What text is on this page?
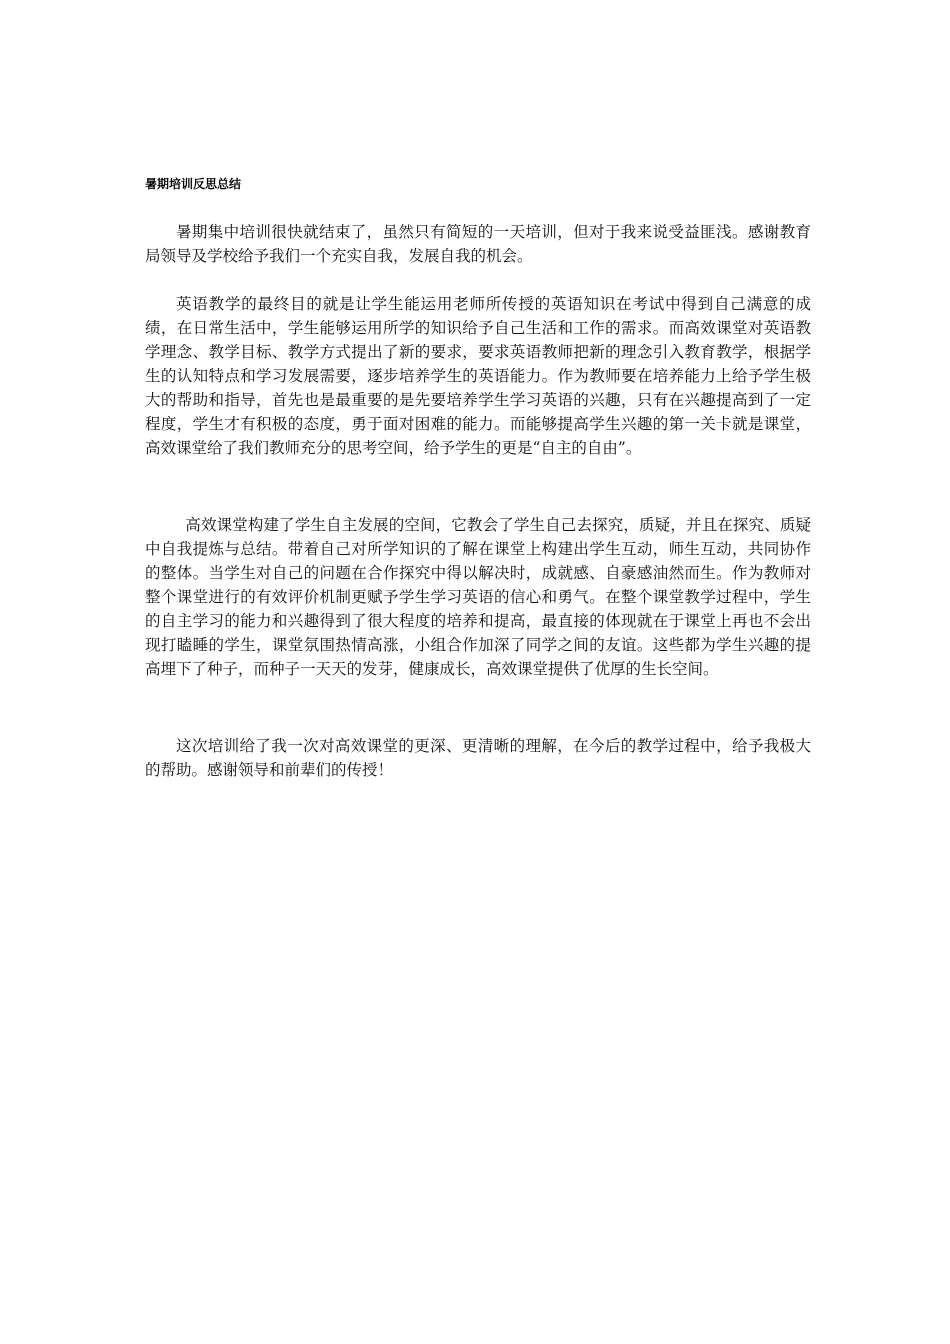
暑期培训反思总结

暑期集中培训很快就结束了，虽然只有简短的一天培训，但对于我来说受益匪浅。感谢教育局领导及学校给予我们一个充实自我，发展自我的机会。

英语教学的最终目的就是让学生能运用老师所传授的英语知识在考试中得到自己满意的成绩，在日常生活中，学生能够运用所学的知识给予自己生活和工作的需求。而高效课堂对英语教学理念、教学目标、教学方式提出了新的要求，要求英语教师把新的理念引入教育教学，根据学生的认知特点和学习发展需要，逐步培养学生的英语能力。作为教师要在培养能力上给予学生极大的帮助和指导，首先也是最重要的是先要培养学生学习英语的兴趣，只有在兴趣提高到了一定程度，学生才有积极的态度，勇于面对困难的能力。而能够提高学生兴趣的第一关卡就是课堂，高效课堂给了我们教师充分的思考空间，给予学生的更是“自主的自由”。

高效课堂构建了学生自主发展的空间，它教会了学生自己去探究，质疑，并且在探究、质疑中自我提炼与总结。带着自己对所学知识的了解在课堂上构建出学生互动，师生互动，共同协作的整体。当学生对自己的问题在合作探究中得以解决时，成就感、自豪感油然而生。作为教师对整个课堂进行的有效评价机制更赋予学生学习英语的信心和勇气。在整个课堂教学过程中，学生的自主学习的能力和兴趣得到了很大程度的培养和提高，最直接的体现就在于课堂上再也不会出现打瞌睡的学生，课堂氛围热情高涨，小组合作加深了同学之间的友谊。这些都为学生兴趣的提高埋下了种子，而种子一天天的发芽，健康成长，高效课堂提供了优厚的生长空间。

这次培训给了我一次对高效课堂的更深、更清晰的理解，在今后的教学过程中，给予我极大的帮助。感谢领导和前辈们的传授！
